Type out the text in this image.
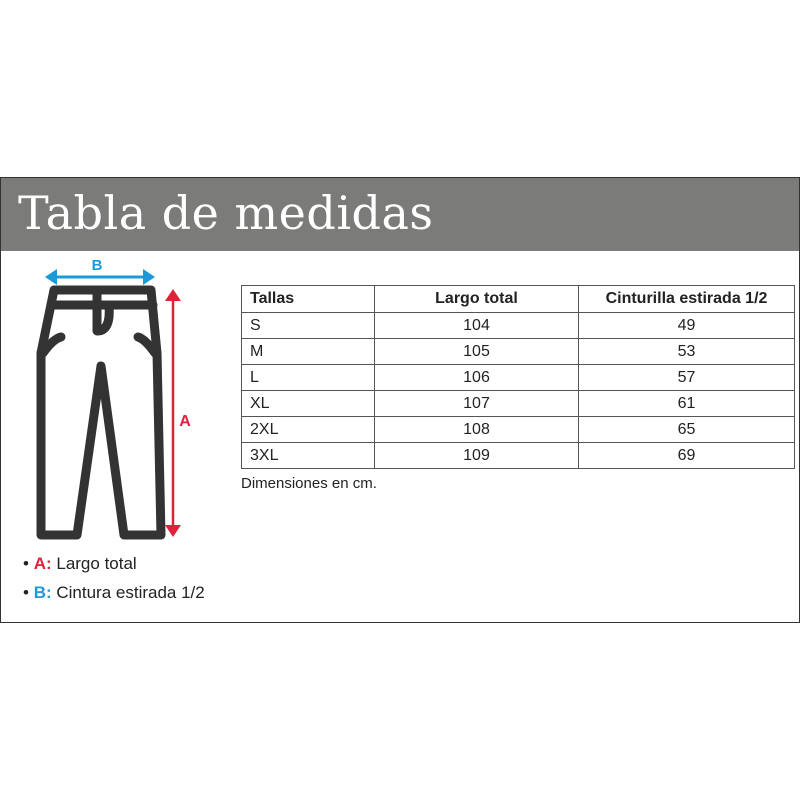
Tabla de medidas
B
A
• A: Largo total
• B: Cintura estirada 1/2
Tallas	Largo total	Cinturilla estirada 1/2
S	104	49
M	105	53
L	106	57
XL	107	61
2XL	108	65
3XL	109	69
Dimensiones en cm.
